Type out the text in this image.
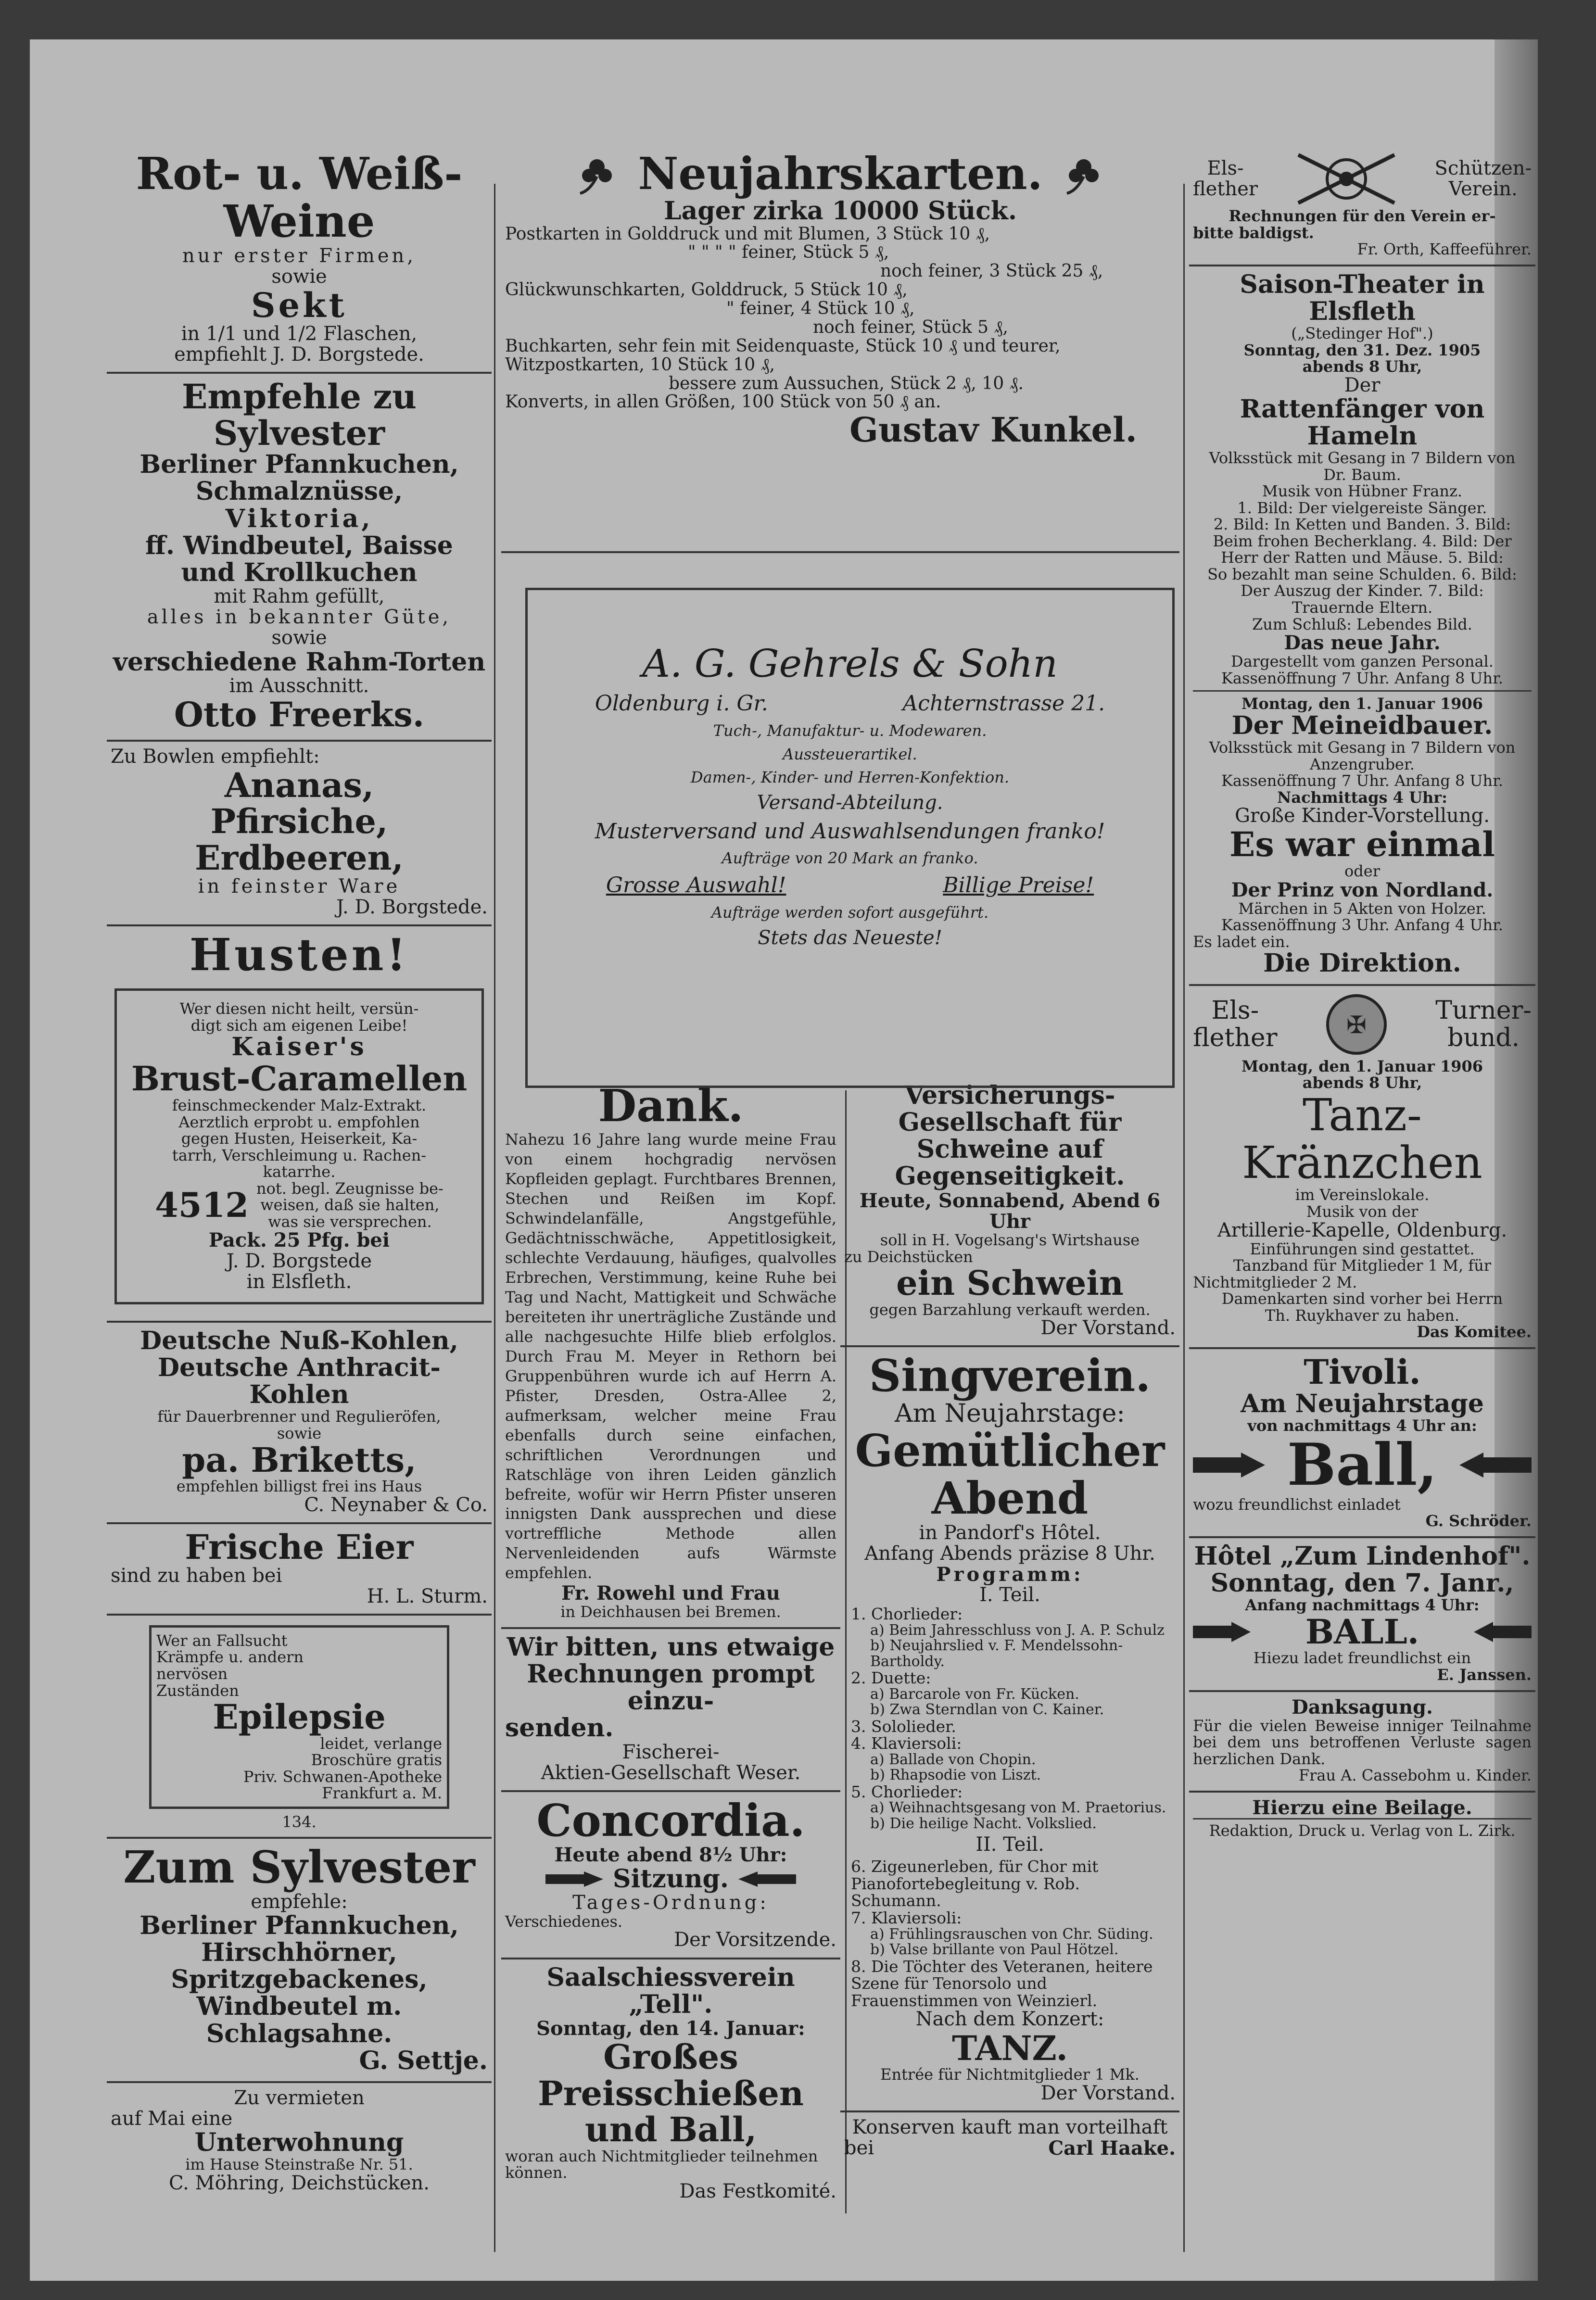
Rot- u. Weiß-Weine
nur erster Firmen,
sowie
Sekt
in 1/1 und 1/2 Flaschen,
empfiehlt J. D. Borgstede.
Empfehle zu Sylvester
Berliner Pfannkuchen,
Schmalznüsse,
Viktoria,
ff. Windbeutel, Baisse
und Krollkuchen
mit Rahm gefüllt,
alles in bekannter Güte,
sowie
verschiedene Rahm-Torten
im Ausschnitt.
Otto Freerks.
Zu Bowlen empfiehlt:
Ananas,
Pfirsiche,
Erdbeeren,
in feinster Ware
J. D. Borgstede.
Husten!
Wer diesen nicht heilt, versün-
digt sich am eigenen Leibe!
Kaiser's
Brust-Caramellen
feinschmeckender Malz-Extrakt.
Aerztlich erprobt u. empfohlen
gegen Husten, Heiserkeit, Ka-
tarrh, Verschleimung u. Rachen-
katarrhe.
4512 not. begl. Zeugnisse be-
weisen, daß sie halten,
was sie versprechen.
Pack. 25 Pfg. bei
J. D. Borgstede
in Elsfleth.
Deutsche Nuß-Kohlen,
Deutsche Anthracit-Kohlen
für Dauerbrenner und Regulieröfen,
sowie
pa. Briketts,
empfehlen billigst frei ins Haus
C. Neynaber & Co.
Frische Eier
sind zu haben bei
H. L. Sturm.
Wer an Fallsucht
Krämpfe u. andern
nervösen
Zuständen
Epilepsie
leidet, verlange
Broschüre gratis
Priv. Schwanen-Apotheke
Frankfurt a. M.
134.
Zum Sylvester
empfehle:
Berliner Pfannkuchen,
Hirschhörner,
Spritzgebackenes,
Windbeutel m. Schlagsahne.
G. Settje.
Zu vermieten
auf Mai eine
Unterwohnung
im Hause Steinstraße Nr. 51.
C. Möhring, Deichstücken.
Neujahrskarten.
Lager zirka 10000 Stück.
Postkarten in Golddruck und mit Blumen, 3 Stück 10 ₰,
" " " " feiner, Stück 5 ₰,
noch feiner, 3 Stück 25 ₰,
Glückwunschkarten, Golddruck, 5 Stück 10 ₰,
" feiner, 4 Stück 10 ₰,
noch feiner, Stück 5 ₰,
Buchkarten, sehr fein mit Seidenquaste, Stück 10 ₰ und teurer,
Witzpostkarten, 10 Stück 10 ₰,
bessere zum Aussuchen, Stück 2 ₰, 10 ₰.
Konverts, in allen Größen, 100 Stück von 50 ₰ an.
Gustav Kunkel.
Dank.
Nahezu 16 Jahre lang wurde meine Frau von einem hochgradig nervösen Kopfleiden geplagt. Furchtbares Brennen, Stechen und Reißen im Kopf. Schwindelanfälle, Angstgefühle, Gedächtnisschwäche, Appetitlosigkeit, schlechte Verdauung, häufiges, qualvolles Erbrechen, Verstimmung, keine Ruhe bei Tag und Nacht, Mattigkeit und Schwäche bereiteten ihr unerträgliche Zustände und alle nachgesuchte Hilfe blieb erfolglos. Durch Frau M. Meyer in Rethorn bei Gruppenbühren wurde ich auf Herrn A. Pfister, Dresden, Ostra-Allee 2, aufmerksam, welcher meine Frau ebenfalls durch seine einfachen, schriftlichen Verordnungen und Ratschläge von ihren Leiden gänzlich befreite, wofür wir Herrn Pfister unseren innigsten Dank aussprechen und diese vortreffliche Methode allen Nervenleidenden aufs Wärmste empfehlen.
Fr. Rowehl und Frau
in Deichhausen bei Bremen.
Wir bitten, uns etwaige
Rechnungen prompt einzu-
senden.
Fischerei-
Aktien-Gesellschaft Weser.
Concordia.
Heute abend 8½ Uhr:
Sitzung.
Tages-Ordnung:
Verschiedenes.
Der Vorsitzende.
Saalschiessverein „Tell".
Sonntag, den 14. Januar:
Großes Preisschießen
und Ball,
woran auch Nichtmitglieder teilnehmen
können.
Das Festkomité.
Versicherungs-Gesellschaft für
Schweine auf Gegenseitigkeit.
Heute, Sonnabend, Abend 6 Uhr
soll in H. Vogelsang's Wirtshause
zu Deichstücken
ein Schwein
gegen Barzahlung verkauft werden.
Der Vorstand.
Singverein.
Am Neujahrstage:
Gemütlicher Abend
in Pandorf's Hôtel.
Anfang Abends präzise 8 Uhr.
Programm:
I. Teil.
1. Chorlieder:
a) Beim Jahresschluss von J. A. P. Schulz
b) Neujahrslied v. F. Mendelssohn-Bartholdy.
2. Duette:
a) Barcarole von Fr. Kücken.
b) Zwa Sterndlan von C. Kainer.
3. Sololieder.
4. Klaviersoli:
a) Ballade von Chopin.
b) Rhapsodie von Liszt.
5. Chorlieder:
a) Weihnachtsgesang von M. Praetorius.
b) Die heilige Nacht. Volkslied.
II. Teil.
6. Zigeunerleben, für Chor mit Pianofortebegleitung v. Rob. Schumann.
7. Klaviersoli:
a) Frühlingsrauschen von Chr. Süding.
b) Valse brillante von Paul Hötzel.
8. Die Töchter des Veteranen, heitere Szene für Tenorsolo und Frauenstimmen von Weinzierl.
Nach dem Konzert:
TANZ.
Entrée für Nichtmitglieder 1 Mk.
Der Vorstand.
Konserven kauft man vorteilhaft
bei	Carl Haake.
A. G. Gehrels & Sohn
Oldenburg i. Gr.	Achternstrasse 21.
Tuch-, Manufaktur- u. Modewaren.
Aussteuerartikel.
Damen-, Kinder- und Herren-Konfektion.
Versand-Abteilung.
Musterversand und Auswahlsendungen franko!
Aufträge von 20 Mark an franko.
Grosse Auswahl!	Billige Preise!
Aufträge werden sofort ausgeführt.
Stets das Neueste!
Els-
flether
Schützen-
Verein.
Rechnungen für den Verein er-
bitte baldigst.
Fr. Orth, Kaffeeführer.
Saison-Theater in Elsfleth
(„Stedinger Hof".)
Sonntag, den 31. Dez. 1905
abends 8 Uhr,
Der
Rattenfänger von Hameln
Volksstück mit Gesang in 7 Bildern von
Dr. Baum.
Musik von Hübner Franz.
1. Bild: Der vielgereiste Sänger.
2. Bild: In Ketten und Banden. 3. Bild:
Beim frohen Becherklang. 4. Bild: Der
Herr der Ratten und Mäuse. 5. Bild:
So bezahlt man seine Schulden. 6. Bild:
Der Auszug der Kinder. 7. Bild:
Trauernde Eltern.
Zum Schluß: Lebendes Bild.
Das neue Jahr.
Dargestellt vom ganzen Personal.
Kassenöffnung 7 Uhr. Anfang 8 Uhr.
Montag, den 1. Januar 1906
Der Meineidbauer.
Volksstück mit Gesang in 7 Bildern von
Anzengruber.
Kassenöffnung 7 Uhr. Anfang 8 Uhr.
Nachmittags 4 Uhr:
Große Kinder-Vorstellung.
Es war einmal
oder
Der Prinz von Nordland.
Märchen in 5 Akten von Holzer.
Kassenöffnung 3 Uhr. Anfang 4 Uhr.
Es ladet ein.
Die Direktion.
Els-
flether	✠	Turner-
bund.
Montag, den 1. Januar 1906
abends 8 Uhr,
Tanz-Kränzchen
im Vereinslokale.
Musik von der
Artillerie-Kapelle, Oldenburg.
Einführungen sind gestattet.
Tanzband für Mitglieder 1 M, für
Nichtmitglieder 2 M.
Damenkarten sind vorher bei Herrn
Th. Ruykhaver zu haben.
Das Komitee.
Tivoli.
Am Neujahrstage
von nachmittags 4 Uhr an:
Ball,
wozu freundlichst einladet
G. Schröder.
Hôtel „Zum Lindenhof".
Sonntag, den 7. Janr.,
Anfang nachmittags 4 Uhr:
BALL.
Hiezu ladet freundlichst ein
E. Janssen.
Danksagung.
Für die vielen Beweise inniger Teilnahme bei dem uns betroffenen Verluste sagen herzlichen Dank.
Frau A. Cassebohm u. Kinder.
Hierzu eine Beilage.
Redaktion, Druck u. Verlag von L. Zirk.
